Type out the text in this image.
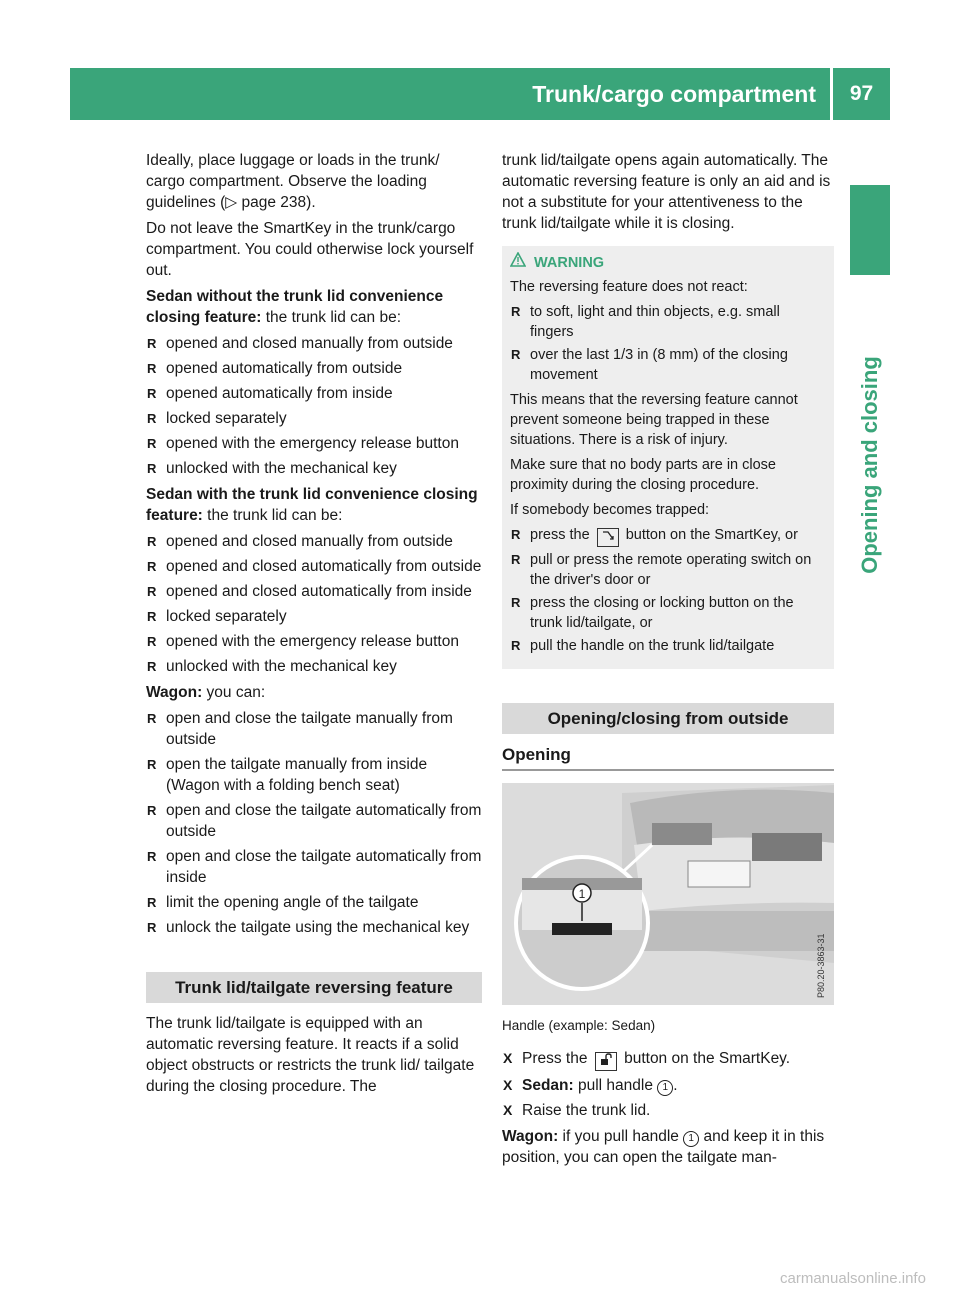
Trunk/cargo compartment	97
Opening and closing

Ideally, place luggage or loads in the trunk/ cargo compartment. Observe the loading guidelines (▷ page 238).

Do not leave the SmartKey in the trunk/cargo compartment. You could otherwise lock yourself out.

Sedan without the trunk lid convenience closing feature: the trunk lid can be:

R opened and closed manually from outside
R opened automatically from outside
R opened automatically from inside
R locked separately
R opened with the emergency release button
R unlocked with the mechanical key

Sedan with the trunk lid convenience closing feature: the trunk lid can be:

R opened and closed manually from outside
R opened and closed automatically from outside
R opened and closed automatically from inside
R locked separately
R opened with the emergency release button
R unlocked with the mechanical key

Wagon: you can:

R open and close the tailgate manually from outside
R open the tailgate manually from inside (Wagon with a folding bench seat)
R open and close the tailgate automatically from outside
R open and close the tailgate automatically from inside
R limit the opening angle of the tailgate
R unlock the tailgate using the mechanical key
Trunk lid/tailgate reversing feature

The trunk lid/tailgate is equipped with an automatic reversing feature. It reacts if a solid object obstructs or restricts the trunk lid/ tailgate during the closing procedure. The

trunk lid/tailgate opens again automatically. The automatic reversing feature is only an aid and is not a substitute for your attentiveness to the trunk lid/tailgate while it is closing.

WARNING

The reversing feature does not react:

R to soft, light and thin objects, e.g. small fingers
R over the last 1/3 in (8 mm) of the closing movement

This means that the reversing feature cannot prevent someone being trapped in these situations. There is a risk of injury.

Make sure that no body parts are in close proximity during the closing procedure.

If somebody becomes trapped:

R press the  button on the SmartKey, or
R pull or press the remote operating switch on the driver's door or
R press the closing or locking button on the trunk lid/tailgate, or
R pull the handle on the trunk lid/tailgate
Opening/closing from outside
Opening
1
P80.20-3863-31

Handle (example: Sedan)

X Press the  button on the SmartKey.
X Sedan: pull handle 1 .
X Raise the trunk lid.

Wagon: if you pull handle 1 and keep it in this position, you can open the tailgate man-

carmanualsonline.info
